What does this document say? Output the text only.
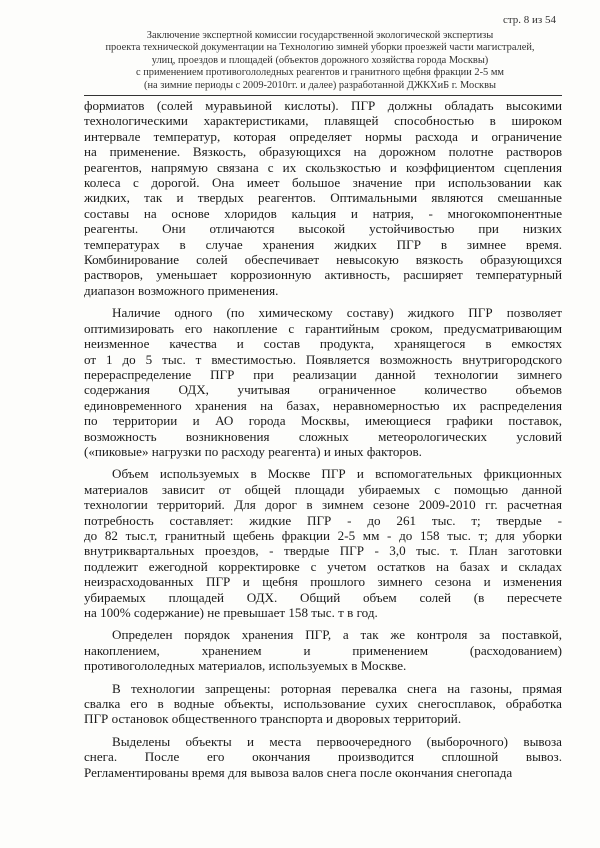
стр. 8 из 54
Заключение экспертной комиссии государственной экологической экспертизы
проекта технической документации на Технологию зимней уборки проезжей части магистралей,
улиц, проездов и площадей (объектов дорожного хозяйства города Москвы)
с применением противогололедных реагентов и гранитного щебня фракции 2-5 мм
(на зимние периоды с 2009-2010гг. и далее) разработанной ДЖКХиБ г. Москвы
формиатов (солей муравьиной кислоты). ПГР должны обладать высокими
технологическими характеристиками, плавящей способностью в широком
интервале температур, которая определяет нормы расхода и ограничение
на применение. Вязкость, образующихся на дорожном полотне растворов
реагентов, напрямую связана с их скользкостью и коэффициентом сцепления
колеса с дорогой. Она имеет большое значение при использовании как
жидких, так и твердых реагентов. Оптимальными являются смешанные
составы на основе хлоридов кальция и натрия, - многокомпонентные
реагенты. Они отличаются высокой устойчивостью при низких
температурах в случае хранения жидких ПГР в зимнее время.
Комбинирование солей обеспечивает невысокую вязкость образующихся
растворов, уменьшает коррозионную активность, расширяет температурный
диапазон возможного применения.
Наличие одного (по химическому составу) жидкого ПГР позволяет
оптимизировать его накопление с гарантийным сроком, предусматривающим
неизменное качества и состав продукта, хранящегося в емкостях
от 1 до 5 тыс. т вместимостью. Появляется возможность внутригородского
перераспределение ПГР при реализации данной технологии зимнего
содержания ОДХ, учитывая ограниченное количество объемов
единовременного хранения на базах, неравномерностью их распределения
по территории и АО города Москвы, имеющиеся графики поставок,
возможность возникновения сложных метеорологических условий
(«пиковые» нагрузки по расходу реагента) и иных факторов.
Объем используемых в Москве ПГР и вспомогательных фрикционных
материалов зависит от общей площади убираемых с помощью данной
технологии территорий. Для дорог в зимнем сезоне 2009-2010 гг. расчетная
потребность составляет: жидкие ПГР - до 261 тыс. т; твердые -
до 82 тыс.т, гранитный щебень фракции 2-5 мм - до 158 тыс. т; для уборки
внутриквартальных проездов, - твердые ПГР - 3,0 тыс. т. План заготовки
подлежит ежегодной корректировке с учетом остатков на базах и складах
неизрасходованных ПГР и щебня прошлого зимнего сезона и изменения
убираемых площадей ОДХ. Общий объем солей (в пересчете
на 100% содержание) не превышает 158 тыс. т в год.
Определен порядок хранения ПГР, а так же контроля за поставкой,
накоплением, хранением и применением (расходованием)
противогололедных материалов, используемых в Москве.
В технологии запрещены: роторная перевалка снега на газоны, прямая
свалка его в водные объекты, использование сухих снегосплавок, обработка
ПГР остановок общественного транспорта и дворовых территорий.
Выделены объекты и места первоочередного (выборочного) вывоза
снега. После его окончания производится сплошной вывоз.
Регламентированы время для вывоза валов снега после окончания снегопада
